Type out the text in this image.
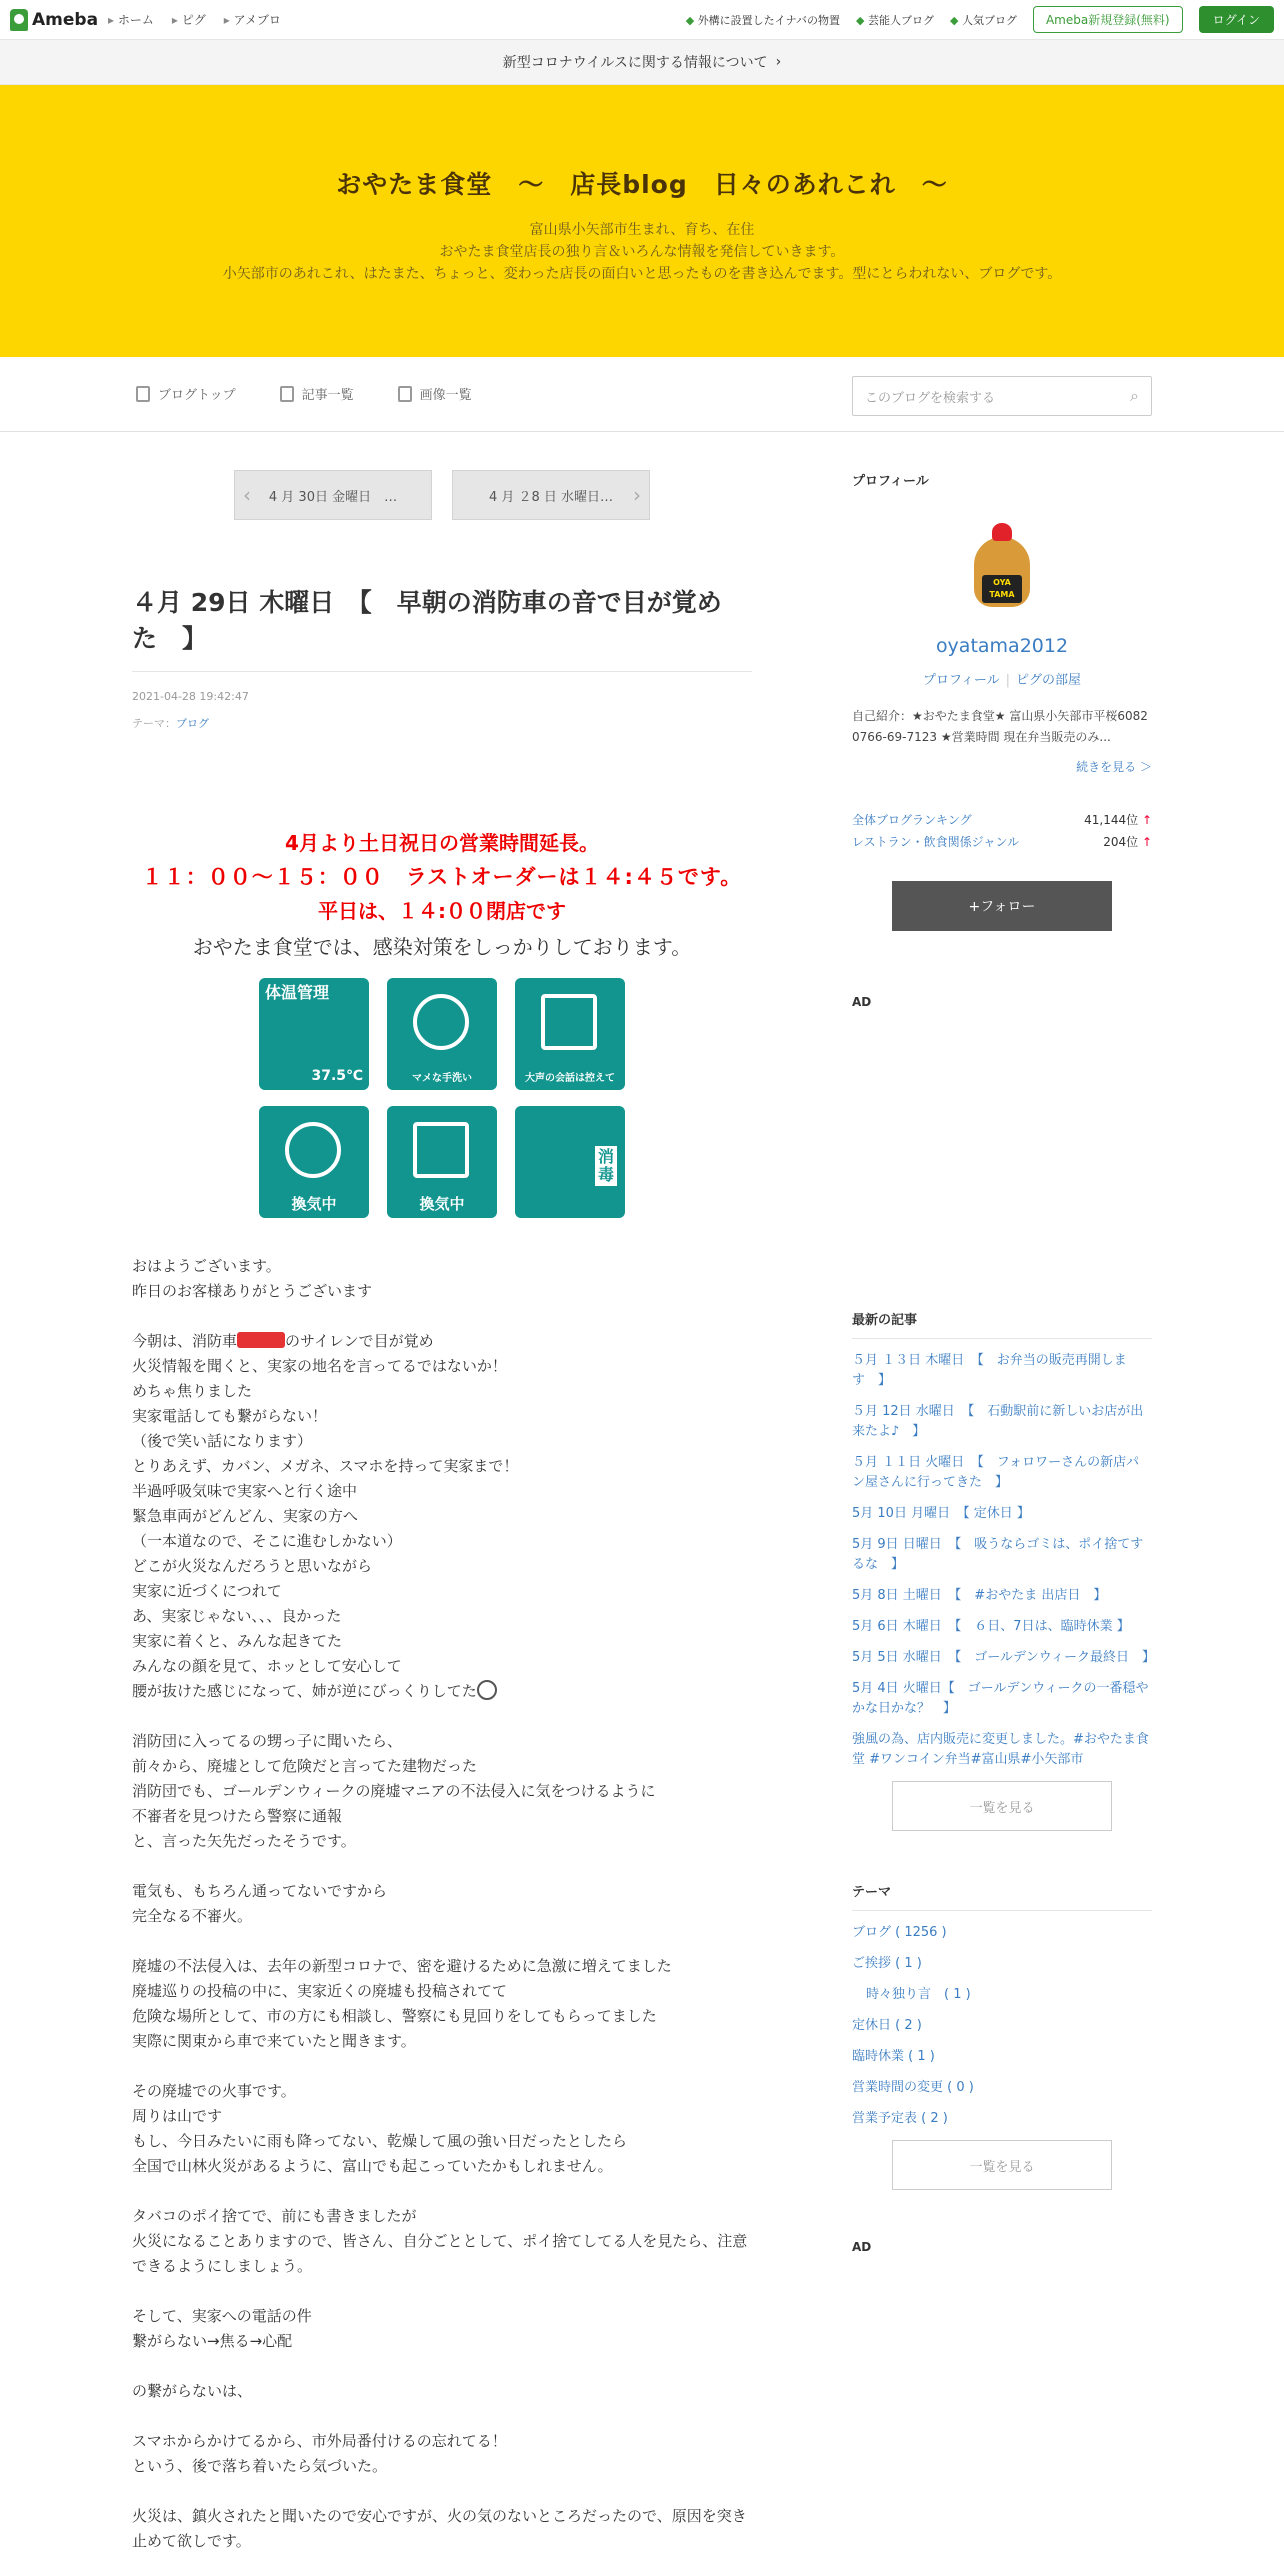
Ameba	▸ ホーム	▸ ピグ	▸ アメブロ	◆ 外構に設置したイナバの物置	◆ 芸能人ブログ	◆ 人気ブログ	Ameba新規登録(無料)	ログイン
新型コロナウイルスに関する情報について ›
おやたま食堂　～　店長blog　日々のあれこれ　～
富山県小矢部市生まれ、育ち、在住
おやたま食堂店長の独り言＆いろんな情報を発信していきます。
小矢部市のあれこれ、はたまた、ちょっと、変わった店長の面白いと思ったものを書き込んでます。型にとらわれない、ブログです。
ブログトップ	記事一覧	画像一覧	このブログを検索する	⌕
‹ 4 月 30日 金曜日　…	4 月 ２8 日 水曜日… ›
４月 29日 木曜日　【　早朝の消防車の音で目が覚めた　】
2021-04-28 19:42:47
テーマ：ブログ
4月より土日祝日の営業時間延長。
１１：００～１５：００　ラストオーダーは１４:４５です。
平日は、１４:００閉店です
おやたま食堂では、感染対策をしっかりしております。
体温管理
37.5℃	マメな手洗い	大声の会話は控えて
換気中	換気中
消毒

おはようございます。

昨日のお客様ありがとうございます

今朝は、消防車	のサイレンで目が覚め

火災情報を聞くと、実家の地名を言ってるではないか！

めちゃ焦りました

実家電話しても繋がらない！

（後で笑い話になります）

とりあえず、カバン、メガネ、スマホを持って実家まで！

半過呼吸気味で実家へと行く途中

緊急車両がどんどん、実家の方へ

（一本道なので、そこに進むしかない）

どこが火災なんだろうと思いながら

実家に近づくにつれて

あ、実家じゃない、、、良かった

実家に着くと、みんな起きてた

みんなの顔を見て、ホッとして安心して

腰が抜けた感じになって、姉が逆にびっくりしてた

消防団に入ってるの甥っ子に聞いたら、

前々から、廃墟として危険だと言ってた建物だった

消防団でも、ゴールデンウィークの廃墟マニアの不法侵入に気をつけるように

不審者を見つけたら警察に通報

と、言った矢先だったそうです。

電気も、もちろん通ってないですから

完全なる不審火。

廃墟の不法侵入は、去年の新型コロナで、密を避けるために急激に増えてました

廃墟巡りの投稿の中に、実家近くの廃墟も投稿されてて

危険な場所として、市の方にも相談し、警察にも見回りをしてもらってました

実際に関東から車で来ていたと聞きます。

その廃墟での火事です。

周りは山です

もし、今日みたいに雨も降ってない、乾燥して風の強い日だったとしたら

全国で山林火災があるように、富山でも起こっていたかもしれません。

タバコのポイ捨てで、前にも書きましたが

火災になることありますので、皆さん、自分ごととして、ポイ捨てしてる人を見たら、注意できるようにしましょう。

そして、実家への電話の件

繋がらない→焦る→心配

の繋がらないは、

スマホからかけてるから、市外局番付けるの忘れてる！

という、後で落ち着いたら気づいた。

火災は、鎮火されたと聞いたので安心ですが、火の気のないところだったので、原因を突き止めて欲しです。

プロフィール
OYA TAMA
oyatama2012
プロフィール | ピグの部屋
自己紹介：★おやたま食堂★ 富山県小矢部市平桜6082 0766-69-7123 ★営業時間 現在弁当販売のみ...
続きを見る ＞
全体ブログランキング	41,144位 ↑
レストラン・飲食関係ジャンル	204位 ↑
+フォロー
AD
最新の記事
５月 １３日 木曜日　【　お弁当の販売再開しま す　】
５月 12日 水曜日　【　石動駅前に新しいお店が出来たよ♪　】
５月 １１日 火曜日　【　フォロワーさんの新店パン屋さんに行ってきた　】
5月 10日 月曜日　【 定休日 】
5月 9日 日曜日　【　吸うならゴミは、ポイ捨てするな　】
5月 8日 土曜日　【　#おやたま 出店日　】
5月 6日 木曜日　【　６日、7日は、臨時休業 】
5月 5日 水曜日　【　ゴールデンウィーク最終日　】
5月 4日 火曜日【　ゴールデンウィークの一番穏やかな日かな？　】
強風の為、店内販売に変更しました。#おやたま食堂 #ワンコイン弁当#富山県#小矢部市
一覧を見る
テーマ
ブログ ( 1256 )
ご挨拶 ( 1 )
時々独り言　( 1 )
定休日 ( 2 )
臨時休業 ( 1 )
営業時間の変更 ( 0 )
営業予定表 ( 2 )
一覧を見る
AD
